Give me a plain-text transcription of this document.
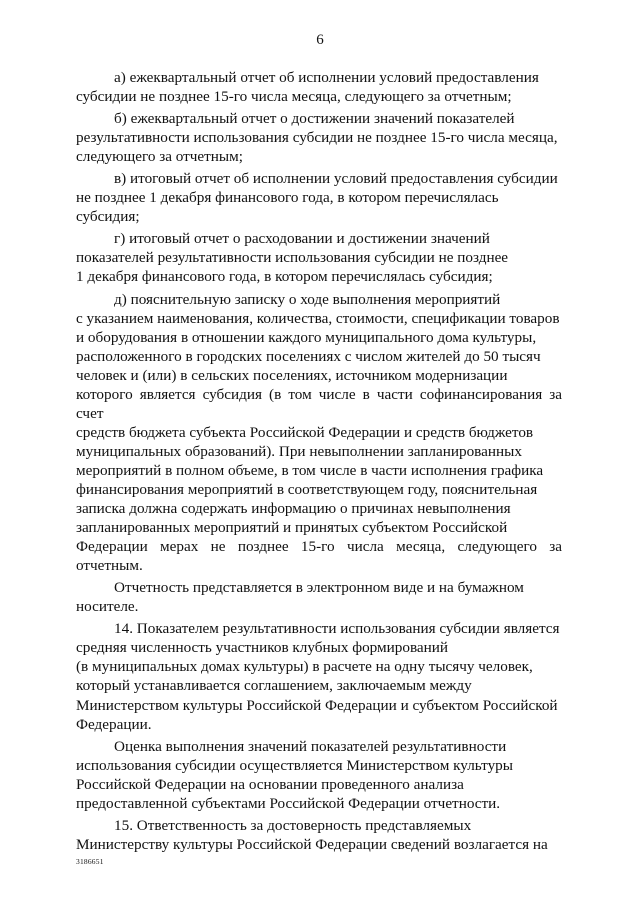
6

а) ежеквартальный отчет об исполнении условий предоставления
субсидии не позднее 15-го числа месяца, следующего за отчетным;

б) ежеквартальный отчет о достижении значений показателей
результативности использования субсидии не позднее 15-го числа месяца,
следующего за отчетным;

в) итоговый отчет об исполнении условий предоставления субсидии
не позднее 1 декабря финансового года, в котором перечислялась
субсидия;

г) итоговый отчет о расходовании и достижении значений
показателей результативности использования субсидии не позднее
1 декабря финансового года, в котором перечислялась субсидия;

д) пояснительную записку о ходе выполнения мероприятий
с указанием наименования, количества, стоимости, спецификации товаров
и оборудования в отношении каждого муниципального дома культуры,
расположенного в городских поселениях с числом жителей до 50 тысяч
человек и (или) в сельских поселениях, источником модернизации
которого является субсидия (в том числе в части софинансирования за счет
средств бюджета субъекта Российской Федерации и средств бюджетов
муниципальных образований). При невыполнении запланированных
мероприятий в полном объеме, в том числе в части исполнения графика
финансирования мероприятий в соответствующем году, пояснительная
записка должна содержать информацию о причинах невыполнения
запланированных мероприятий и принятых субъектом Российской
Федерации мерах не позднее 15-го числа месяца, следующего за отчетным.

Отчетность представляется в электронном виде и на бумажном
носителе.

14. Показателем результативности использования субсидии является
средняя численность участников клубных формирований
(в муниципальных домах культуры) в расчете на одну тысячу человек,
который устанавливается соглашением, заключаемым между
Министерством культуры Российской Федерации и субъектом Российской
Федерации.

Оценка выполнения значений показателей результативности
использования субсидии осуществляется Министерством культуры
Российской Федерации на основании проведенного анализа
предоставленной субъектами Российской Федерации отчетности.

15. Ответственность за достоверность представляемых
Министерству культуры Российской Федерации сведений возлагается на

3186651
